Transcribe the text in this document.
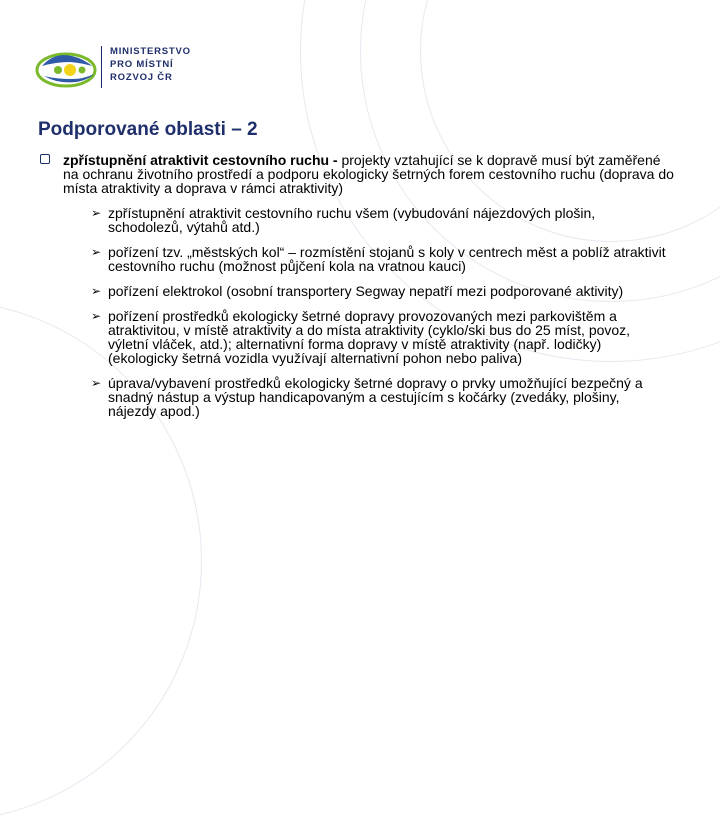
MINISTERSTVO
PRO MÍSTNÍ
ROZVOJ ČR
Podporované oblasti – 2
zpřístupnění atraktivit cestovního ruchu - projekty vztahující se k dopravě musí být zaměřené na ochranu životního prostředí a podporu ekologicky šetrných forem cestovního ruchu (doprava do místa atraktivity a doprava v rámci atraktivity)
➢ zpřístupnění atraktivit cestovního ruchu všem (vybudování nájezdových plošin, schodolezů, výtahů atd.)
➢ pořízení tzv. „městských kol“ – rozmístění stojanů s koly v centrech měst a poblíž atraktivit cestovního ruchu (možnost půjčení kola na vratnou kauci)
➢ pořízení elektrokol (osobní transportery Segway nepatří mezi podporované aktivity)
➢ pořízení prostředků ekologicky šetrné dopravy provozovaných mezi parkovištěm a atraktivitou, v místě atraktivity a do místa atraktivity (cyklo/ski bus do 25 míst, povoz, výletní vláček, atd.); alternativní forma dopravy v místě atraktivity (např. lodičky) (ekologicky šetrná vozidla využívají alternativní pohon nebo paliva)
➢ úprava/vybavení prostředků ekologicky šetrné dopravy o prvky umožňující bezpečný a snadný nástup a výstup handicapovaným a cestujícím s kočárky (zvedáky, plošiny, nájezdy apod.)
